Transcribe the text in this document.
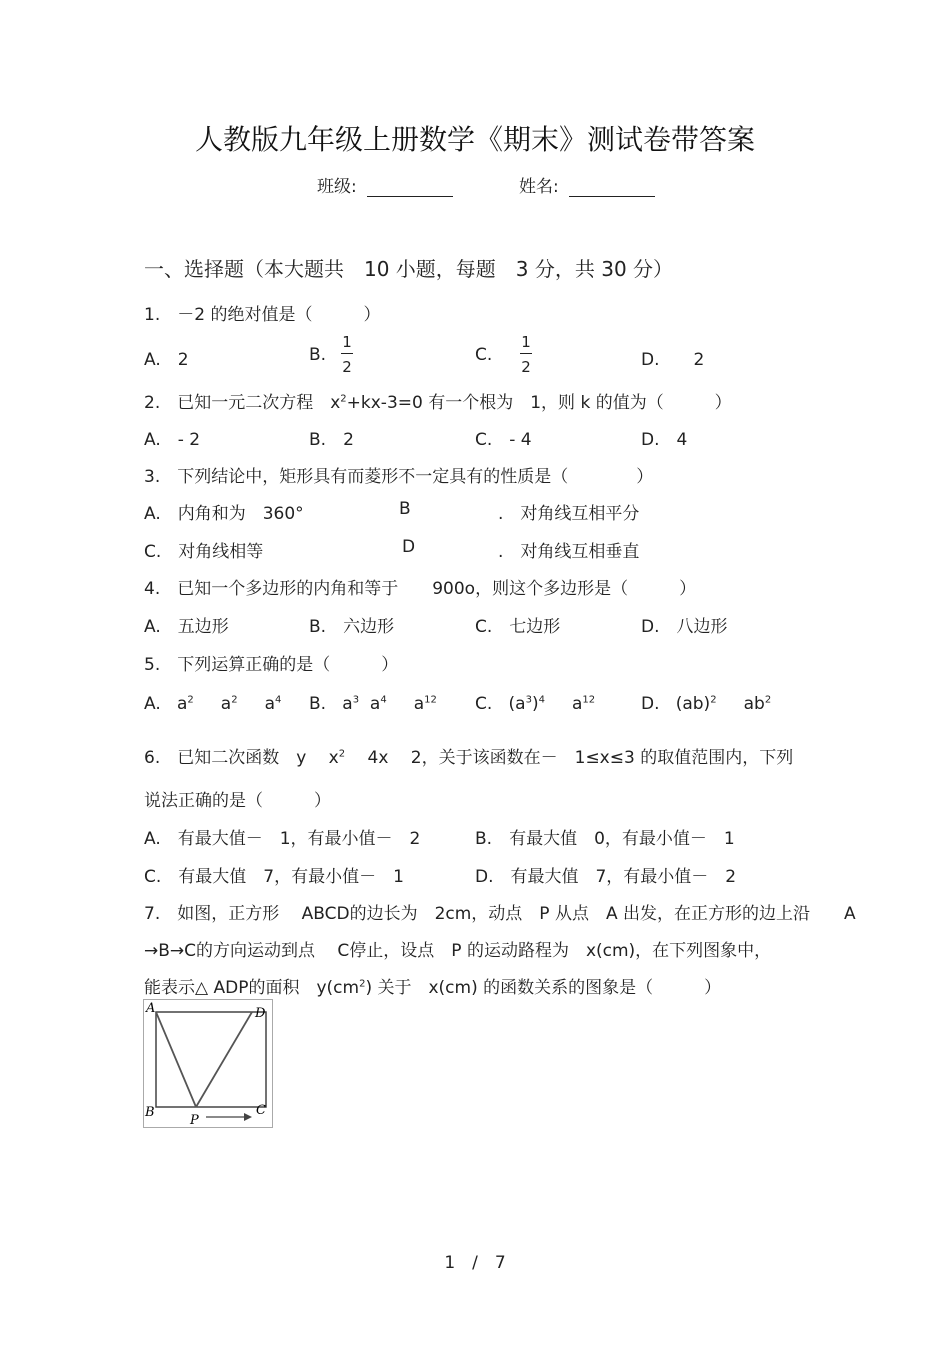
人教版九年级上册数学《期末》测试卷带答案
班级:	姓名:
一、选择题（本大题共　10 小题，每题　3 分，共 30 分）
1.　－2 的绝对值是（　　　）
A.　2	B.
1
2
C.
1
2	D.　　2
2.　已知一元二次方程　$x^2+kx-3=0$ 有一个根为　1，则 k 的值为（　　　）
A.　- 2	B.　2	C.　- 4	D.　4
3.　下列结论中，矩形具有而菱形不一定具有的性质是（　　　　）
A.　内角和为　360°	B	.　对角线互相平分
C.　对角线相等	D	.　对角线互相垂直
4.　已知一个多边形的内角和等于　　900o，则这个多边形是（　　　）
A.　五边形	B.　六边形	C.　七边形	D.　八边形
5.　下列运算正确的是（　　　）
A. $a^2$ $a^2$ $a^4$ B. $a^3$ $a^4$ $a^{12}$ C. $(a^3)^4$ $a^{12}$	D. (ab)$^2$ $ab^2$
6.　已知二次函数　y　 $x^2$　 4x　 2，关于该函数在－　1≤x≤3 的取值范围内，下列
说法正确的是（　　　）
A.　有最大值－　1，有最小值－　2	B.　有最大值　0，有最小值－　1
C.　有最大值　7，有最小值－　1	D.　有最大值　7，有最小值－　2
7.　如图，正方形　 ABCD的边长为　2cm，动点　P 从点　A 出发，在正方形的边上沿　　A
→B→C的方向运动到点　 C停止，设点　P 的运动路程为　x(cm)，在下列图象中，
能表示△ ADP的面积　$y(cm^2)$ 关于　x(cm) 的函数关系的图象是（　　　）
A	D
B	C
P
1　/　7
